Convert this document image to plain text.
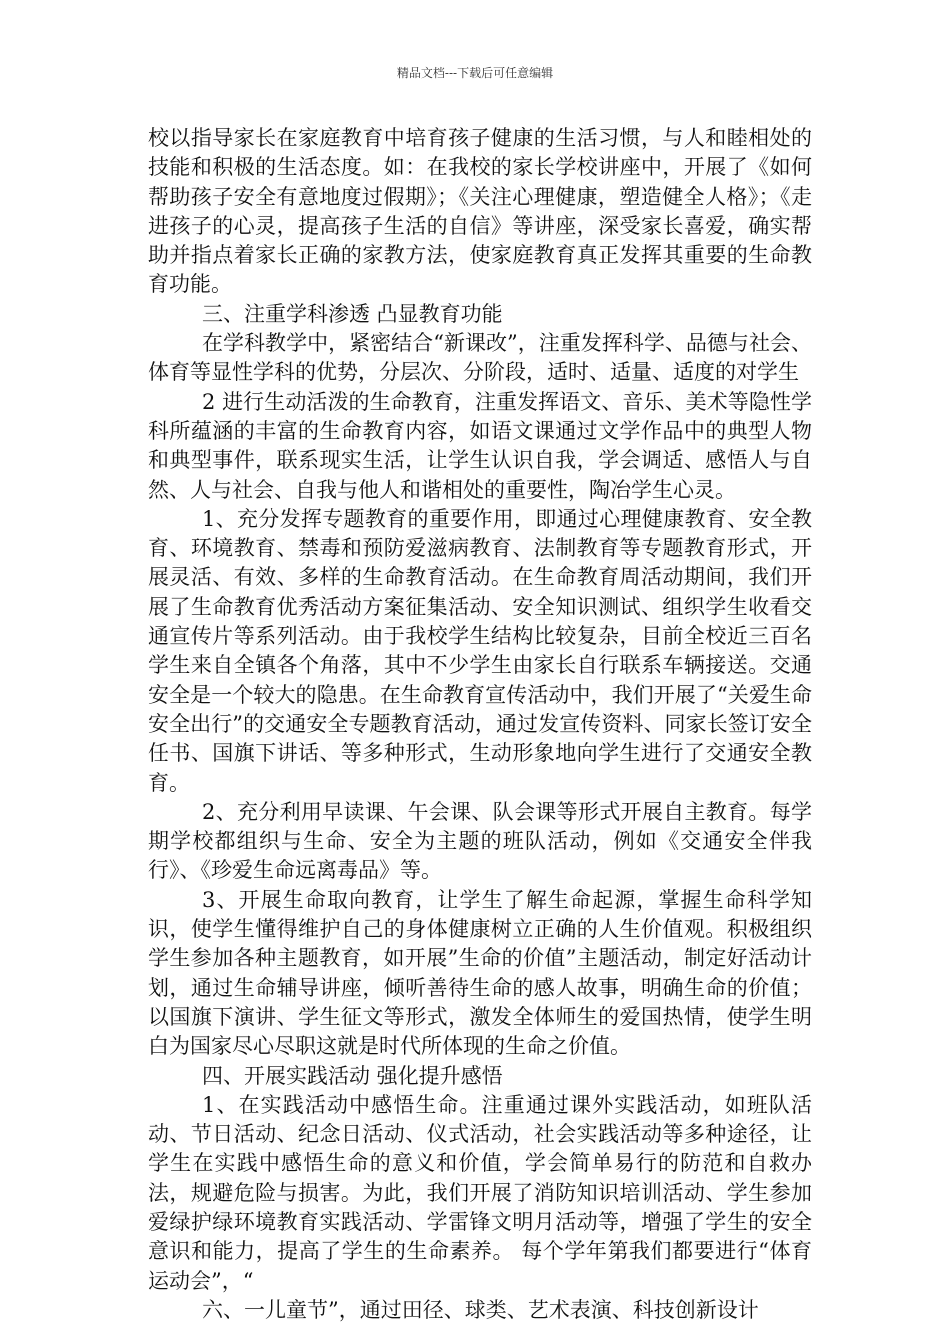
精品文档---下载后可任意编辑

校以指导家长在家庭教育中培育孩子健康的生活习惯，与人和睦相处的技能和积极的生活态度。如：在我校的家长学校讲座中，开展了《如何帮助孩子安全有意地度过假期》；《关注心理健康，塑造健全人格》；《走进孩子的心灵，提高孩子生活的自信》等讲座，深受家长喜爱，确实帮助并指点着家长正确的家教方法，使家庭教育真正发挥其重要的生命教育功能。

三、注重学科渗透 凸显教育功能

在学科教学中，紧密结合“新课改”，注重发挥科学、品德与社会、体育等显性学科的优势，分层次、分阶段，适时、适量、适度的对学生

2 进行生动活泼的生命教育，注重发挥语文、音乐、美术等隐性学科所蕴涵的丰富的生命教育内容，如语文课通过文学作品中的典型人物和典型事件，联系现实生活，让学生认识自我，学会调适、感悟人与自然、人与社会、自我与他人和谐相处的重要性，陶冶学生心灵。

1、充分发挥专题教育的重要作用，即通过心理健康教育、安全教育、环境教育、禁毒和预防爱滋病教育、法制教育等专题教育形式，开展灵活、有效、多样的生命教育活动。在生命教育周活动期间，我们开展了生命教育优秀活动方案征集活动、安全知识测试、组织学生收看交通宣传片等系列活动。由于我校学生结构比较复杂，目前全校近三百名学生来自全镇各个角落，其中不少学生由家长自行联系车辆接送。交通安全是一个较大的隐患。在生命教育宣传活动中，我们开展了“关爱生命 安全出行”的交通安全专题教育活动，通过发宣传资料、同家长签订安全任书、国旗下讲话、等多种形式，生动形象地向学生进行了交通安全教育。

2、充分利用早读课、午会课、队会课等形式开展自主教育。每学期学校都组织与生命、安全为主题的班队活动，例如《交通安全伴我行》、《珍爱生命远离毒品》等。

3、开展生命取向教育，让学生了解生命起源，掌握生命科学知识，使学生懂得维护自己的身体健康树立正确的人生价值观。积极组织学生参加各种主题教育，如开展”生命的价值”主题活动，制定好活动计划，通过生命辅导讲座，倾听善待生命的感人故事，明确生命的价值；以国旗下演讲、学生征文等形式，激发全体师生的爱国热情，使学生明白为国家尽心尽职这就是时代所体现的生命之价值。

四、开展实践活动 强化提升感悟

1、在实践活动中感悟生命。注重通过课外实践活动，如班队活动、节日活动、纪念日活动、仪式活动，社会实践活动等多种途径，让学生在实践中感悟生命的意义和价值，学会简单易行的防范和自救办法，规避危险与损害。为此，我们开展了消防知识培训活动、学生参加爱绿护绿环境教育实践活动、学雷锋文明月活动等，增强了学生的安全意识和能力，提高了学生的生命素养。 每个学年第我们都要进行“体育运动会”，“

六、一儿童节”，通过田径、球类、艺术表演、科技创新设计
